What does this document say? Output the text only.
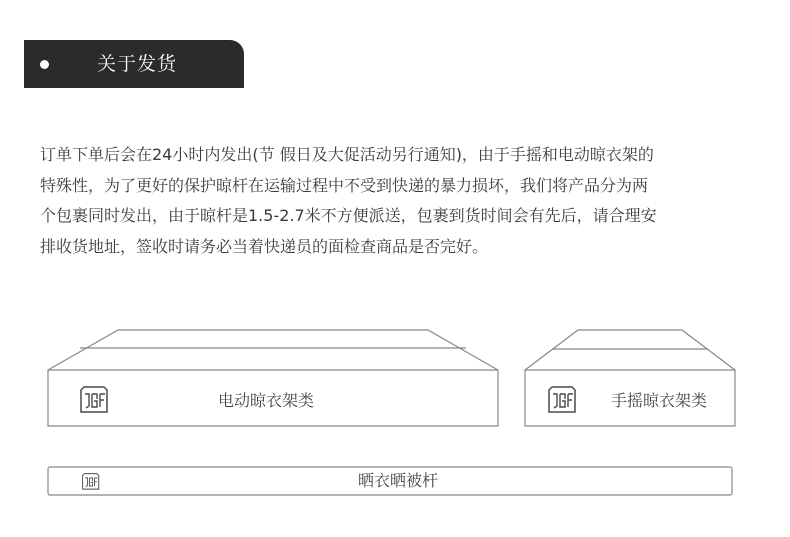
关于发货

订单下单后会在24小时内发出(节 假日及大促活动另行通知)，由于手摇和电动晾衣架的
特殊性，为了更好的保护晾杆在运输过程中不受到快递的暴力损坏，我们将产品分为两
个包裹同时发出，由于晾杆是1.5-2.7米不方便派送，包裹到货时间会有先后，请合理安
排收货地址，签收时请务必当着快递员的面检查商品是否完好。

电动晾衣架类	手摇晾衣架类
晒衣晒被杆
